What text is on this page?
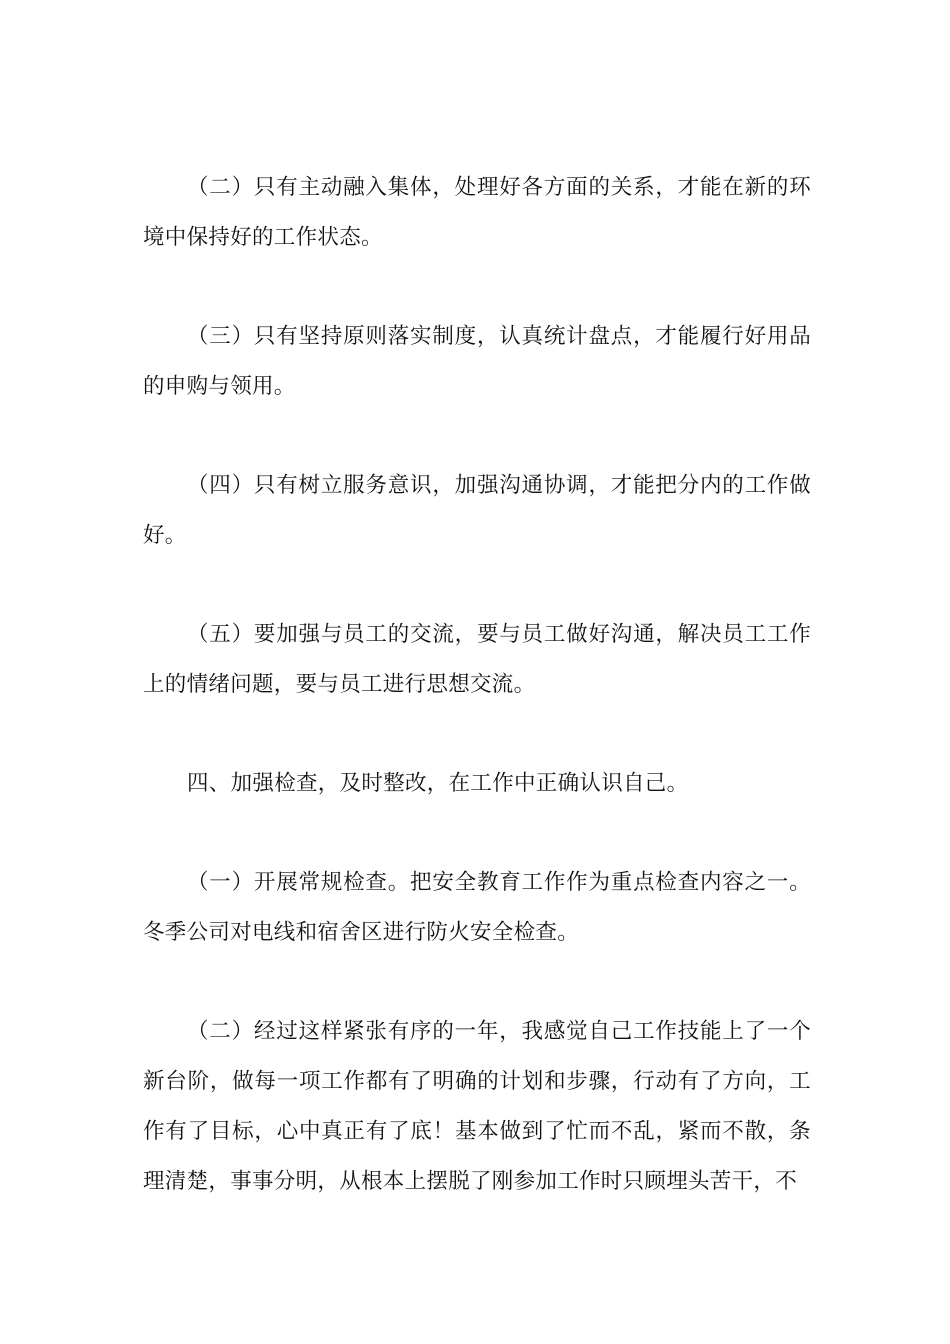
（二）只有主动融入集体，处理好各方面的关系，才能在新的环境中保持好的工作状态。

（三）只有坚持原则落实制度，认真统计盘点，才能履行好用品的申购与领用。

（四）只有树立服务意识，加强沟通协调，才能把分内的工作做好。

（五）要加强与员工的交流，要与员工做好沟通，解决员工工作上的情绪问题，要与员工进行思想交流。

四、加强检查，及时整改，在工作中正确认识自己。

（一）开展常规检查。把安全教育工作作为重点检查内容之一。冬季公司对电线和宿舍区进行防火安全检查。

（二）经过这样紧张有序的一年，我感觉自己工作技能上了一个新台阶，做每一项工作都有了明确的计划和步骤，行动有了方向，工作有了目标，心中真正有了底！基本做到了忙而不乱，紧而不散，条理清楚，事事分明，从根本上摆脱了刚参加工作时只顾埋头苦干，不
